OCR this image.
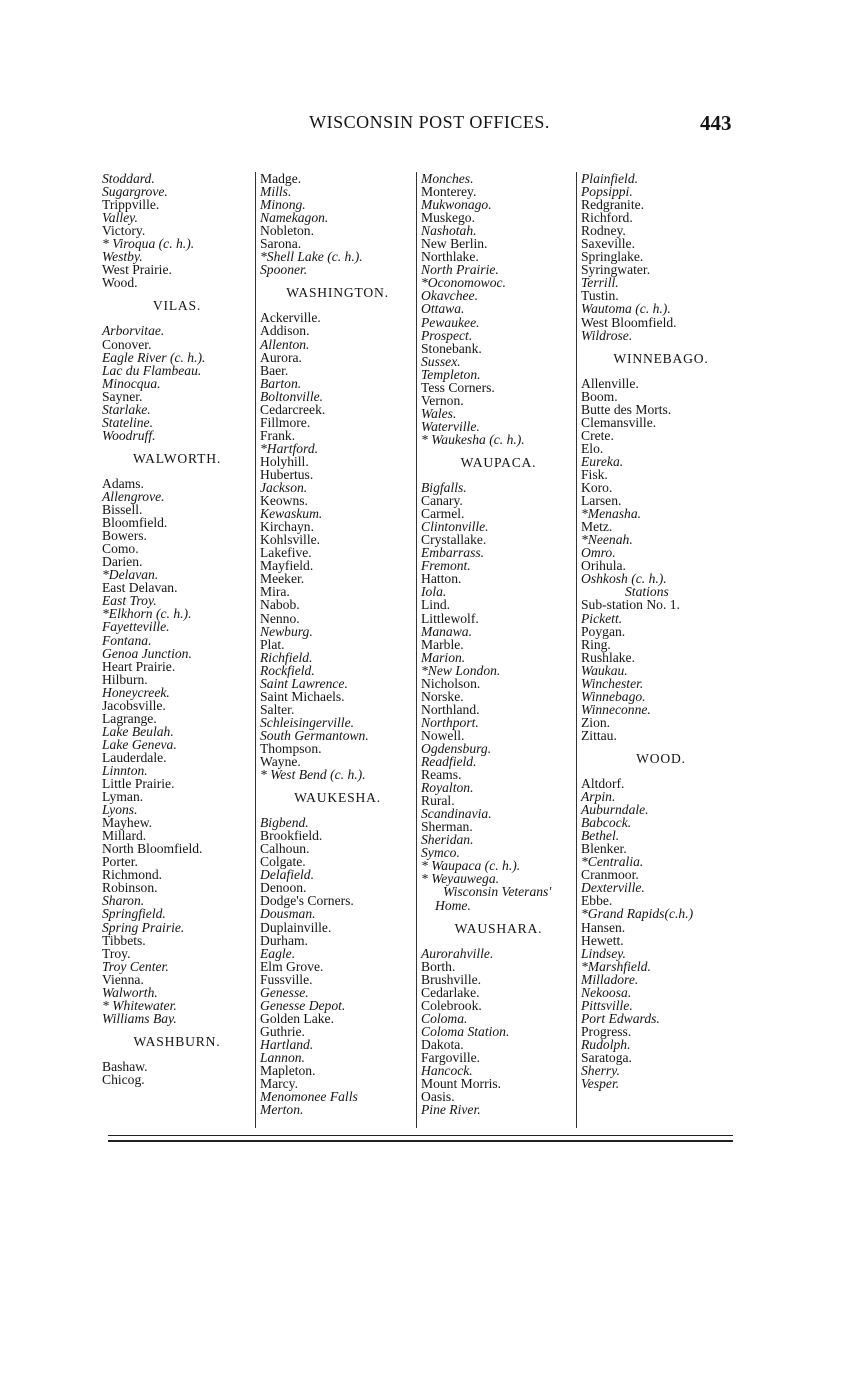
WISCONSIN POST OFFICES.	443
Stoddard.
Sugargrove.
Trippville.
Valley.
Victory.
* Viroqua (c. h.).
Westby.
West Prairie.
Wood.
VILAS.
Arborvitae.
Conover.
Eagle River (c. h.).
Lac du Flambeau.
Minocqua.
Sayner.
Starlake.
Stateline.
Woodruff.
WALWORTH.
Adams.
Allengrove.
Bissell.
Bloomfield.
Bowers.
Como.
Darien.
*Delavan.
East Delavan.
East Troy.
*Elkhorn (c. h.).
Fayetteville.
Fontana.
Genoa Junction.
Heart Prairie.
Hilburn.
Honeycreek.
Jacobsville.
Lagrange.
Lake Beulah.
Lake Geneva.
Lauderdale.
Linnton.
Little Prairie.
Lyman.
Lyons.
Mayhew.
Millard.
North Bloomfield.
Porter.
Richmond.
Robinson.
Sharon.
Springfield.
Spring Prairie.
Tibbets.
Troy.
Troy Center.
Vienna.
Walworth.
* Whitewater.
Williams Bay.
WASHBURN.
Bashaw.
Chicog.
Madge.
Mills.
Minong.
Namekagon.
Nobleton.
Sarona.
*Shell Lake (c. h.).
Spooner.
WASHINGTON.
Ackerville.
Addison.
Allenton.
Aurora.
Baer.
Barton.
Boltonville.
Cedarcreek.
Fillmore.
Frank.
*Hartford.
Holyhill.
Hubertus.
Jackson.
Keowns.
Kewaskum.
Kirchayn.
Kohlsville.
Lakefive.
Mayfield.
Meeker.
Mira.
Nabob.
Nenno.
Newburg.
Plat.
Richfield.
Rockfield.
Saint Lawrence.
Saint Michaels.
Salter.
Schleisingerville.
South Germantown.
Thompson.
Wayne.
* West Bend (c. h.).
WAUKESHA.
Bigbend.
Brookfield.
Calhoun.
Colgate.
Delafield.
Denoon.
Dodge's Corners.
Dousman.
Duplainville.
Durham.
Eagle.
Elm Grove.
Fussville.
Genesse.
Genesse Depot.
Golden Lake.
Guthrie.
Hartland.
Lannon.
Mapleton.
Marcy.
Menomonee Falls
Merton.
Monches.
Monterey.
Mukwonago.
Muskego.
Nashotah.
New Berlin.
Northlake.
North Prairie.
*Oconomowoc.
Okavchee.
Ottawa.
Pewaukee.
Prospect.
Stonebank.
Sussex.
Templeton.
Tess Corners.
Vernon.
Wales.
Waterville.
* Waukesha (c. h.).
WAUPACA.
Bigfalls.
Canary.
Carmel.
Clintonville.
Crystallake.
Embarrass.
Fremont.
Hatton.
Iola.
Lind.
Littlewolf.
Manawa.
Marble.
Marion.
*New London.
Nicholson.
Norske.
Northland.
Northport.
Nowell.
Ogdensburg.
Readfield.
Reams.
Royalton.
Rural.
Scandinavia.
Sherman.
Sheridan.
Symco.
* Waupaca (c. h.).
* Weyauwega.
Wisconsin Veterans'
Home.
WAUSHARA.
Aurorahville.
Borth.
Brushville.
Cedarlake.
Colebrook.
Coloma.
Coloma Station.
Dakota.
Fargoville.
Hancock.
Mount Morris.
Oasis.
Pine River.
Plainfield.
Popsippi.
Redgranite.
Richford.
Rodney.
Saxeville.
Springlake.
Syringwater.
Terrill.
Tustin.
Wautoma (c. h.).
West Bloomfield.
Wildrose.
WINNEBAGO.
Allenville.
Boom.
Butte des Morts.
Clemansville.
Crete.
Elo.
Eureka.
Fisk.
Koro.
Larsen.
*Menasha.
Metz.
*Neenah.
Omro.
Orihula.
Oshkosh (c. h.).
Stations
Sub-station No. 1.
Pickett.
Poygan.
Ring.
Rushlake.
Waukau.
Winchester.
Winnebago.
Winneconne.
Zion.
Zittau.
WOOD.
Altdorf.
Arpin.
Auburndale.
Babcock.
Bethel.
Blenker.
*Centralia.
Cranmoor.
Dexterville.
Ebbe.
*Grand Rapids(c.h.)
Hansen.
Hewett.
Lindsey.
*Marshfield.
Milladore.
Nekoosa.
Pittsville.
Port Edwards.
Progress.
Rudolph.
Saratoga.
Sherry.
Vesper.
